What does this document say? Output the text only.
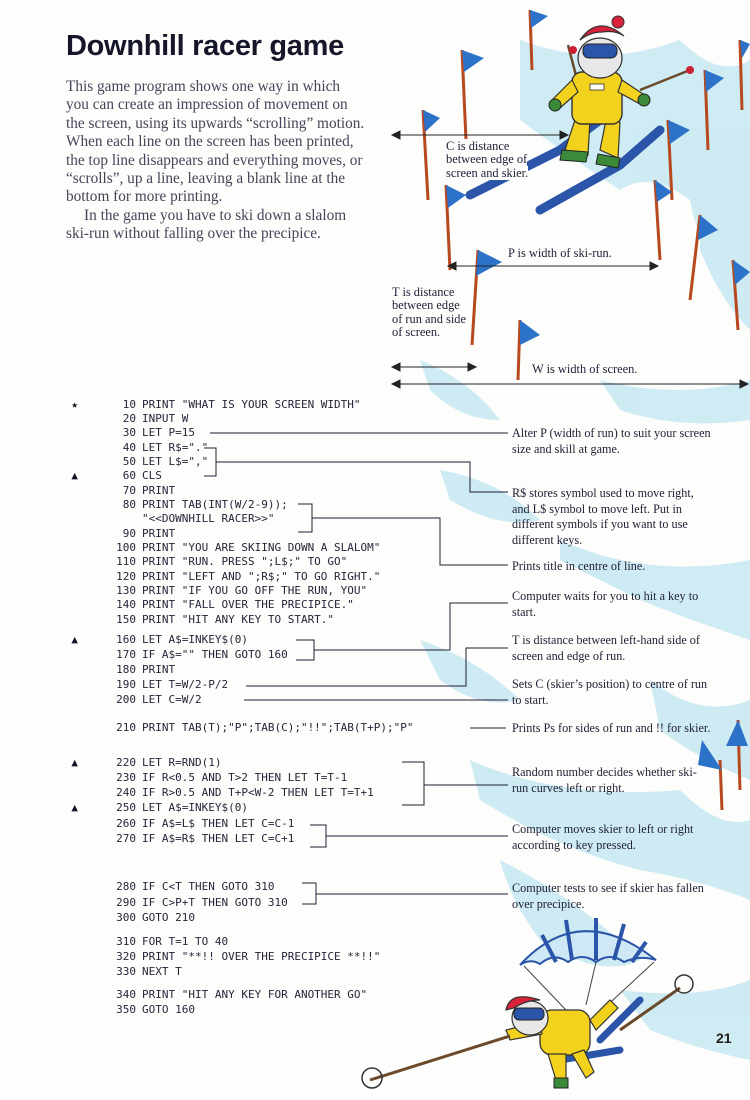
Downhill racer game

This game program shows one way in which you can create an impression of movement on the screen, using its upwards “scrolling” motion. When each line on the screen has been printed, the top line disappears and everything moves, or “scrolls”, up a line, leaving a blank line at the bottom for more printing.

In the game you have to ski down a slalom ski-run without falling over the precipice.

C is distance between edge of screen and skier.
P is width of ski-run.
T is distance between edge of run and side of screen.
W is width of screen.
★	10 PRINT "WHAT IS YOUR SCREEN WIDTH"
20 INPUT W
30 LET P=15
40 LET R$="."
50 LET L$=","
▲	60 CLS
70 PRINT
80 PRINT TAB(INT(W/2-9));
"<<DOWNHILL RACER>>"
90 PRINT
100 PRINT "YOU ARE SKIING DOWN A SLALOM"
110 PRINT "RUN. PRESS ";L$;" TO GO"
120 PRINT "LEFT AND ";R$;" TO GO RIGHT."
130 PRINT "IF YOU GO OFF THE RUN, YOU"
140 PRINT "FALL OVER THE PRECIPICE."
150 PRINT "HIT ANY KEY TO START."
▲	160 LET A$=INKEY$(0)
170 IF A$="" THEN GOTO 160
180 PRINT
190 LET T=W/2-P/2
200 LET C=W/2
210 PRINT TAB(T);"P";TAB(C);"!!";TAB(T+P);"P"
▲	220 LET R=RND(1)
230 IF R<0.5 AND T>2 THEN LET T=T-1
240 IF R>0.5 AND T+P<W-2 THEN LET T=T+1
▲	250 LET A$=INKEY$(0)
260 IF A$=L$ THEN LET C=C-1
270 IF A$=R$ THEN LET C=C+1
280 IF C<T THEN GOTO 310
290 IF C>P+T THEN GOTO 310
300 GOTO 210
310 FOR T=1 TO 40
320 PRINT "**!! OVER THE PRECIPICE **!!"
330 NEXT T
340 PRINT "HIT ANY KEY FOR ANOTHER GO"
350 GOTO 160
Alter P (width of run) to suit your screen size and skill at game.
R$ stores symbol used to move right, and L$ symbol to move left. Put in different symbols if you want to use different keys.
Prints title in centre of line.
Computer waits for you to hit a key to start.
T is distance between left-hand side of screen and edge of run.
Sets C (skier’s position) to centre of run to start.
Prints Ps for sides of run and !! for skier.
Random number decides whether ski-run curves left or right.
Computer moves skier to left or right according to key pressed.
Computer tests to see if skier has fallen over precipice.
21
